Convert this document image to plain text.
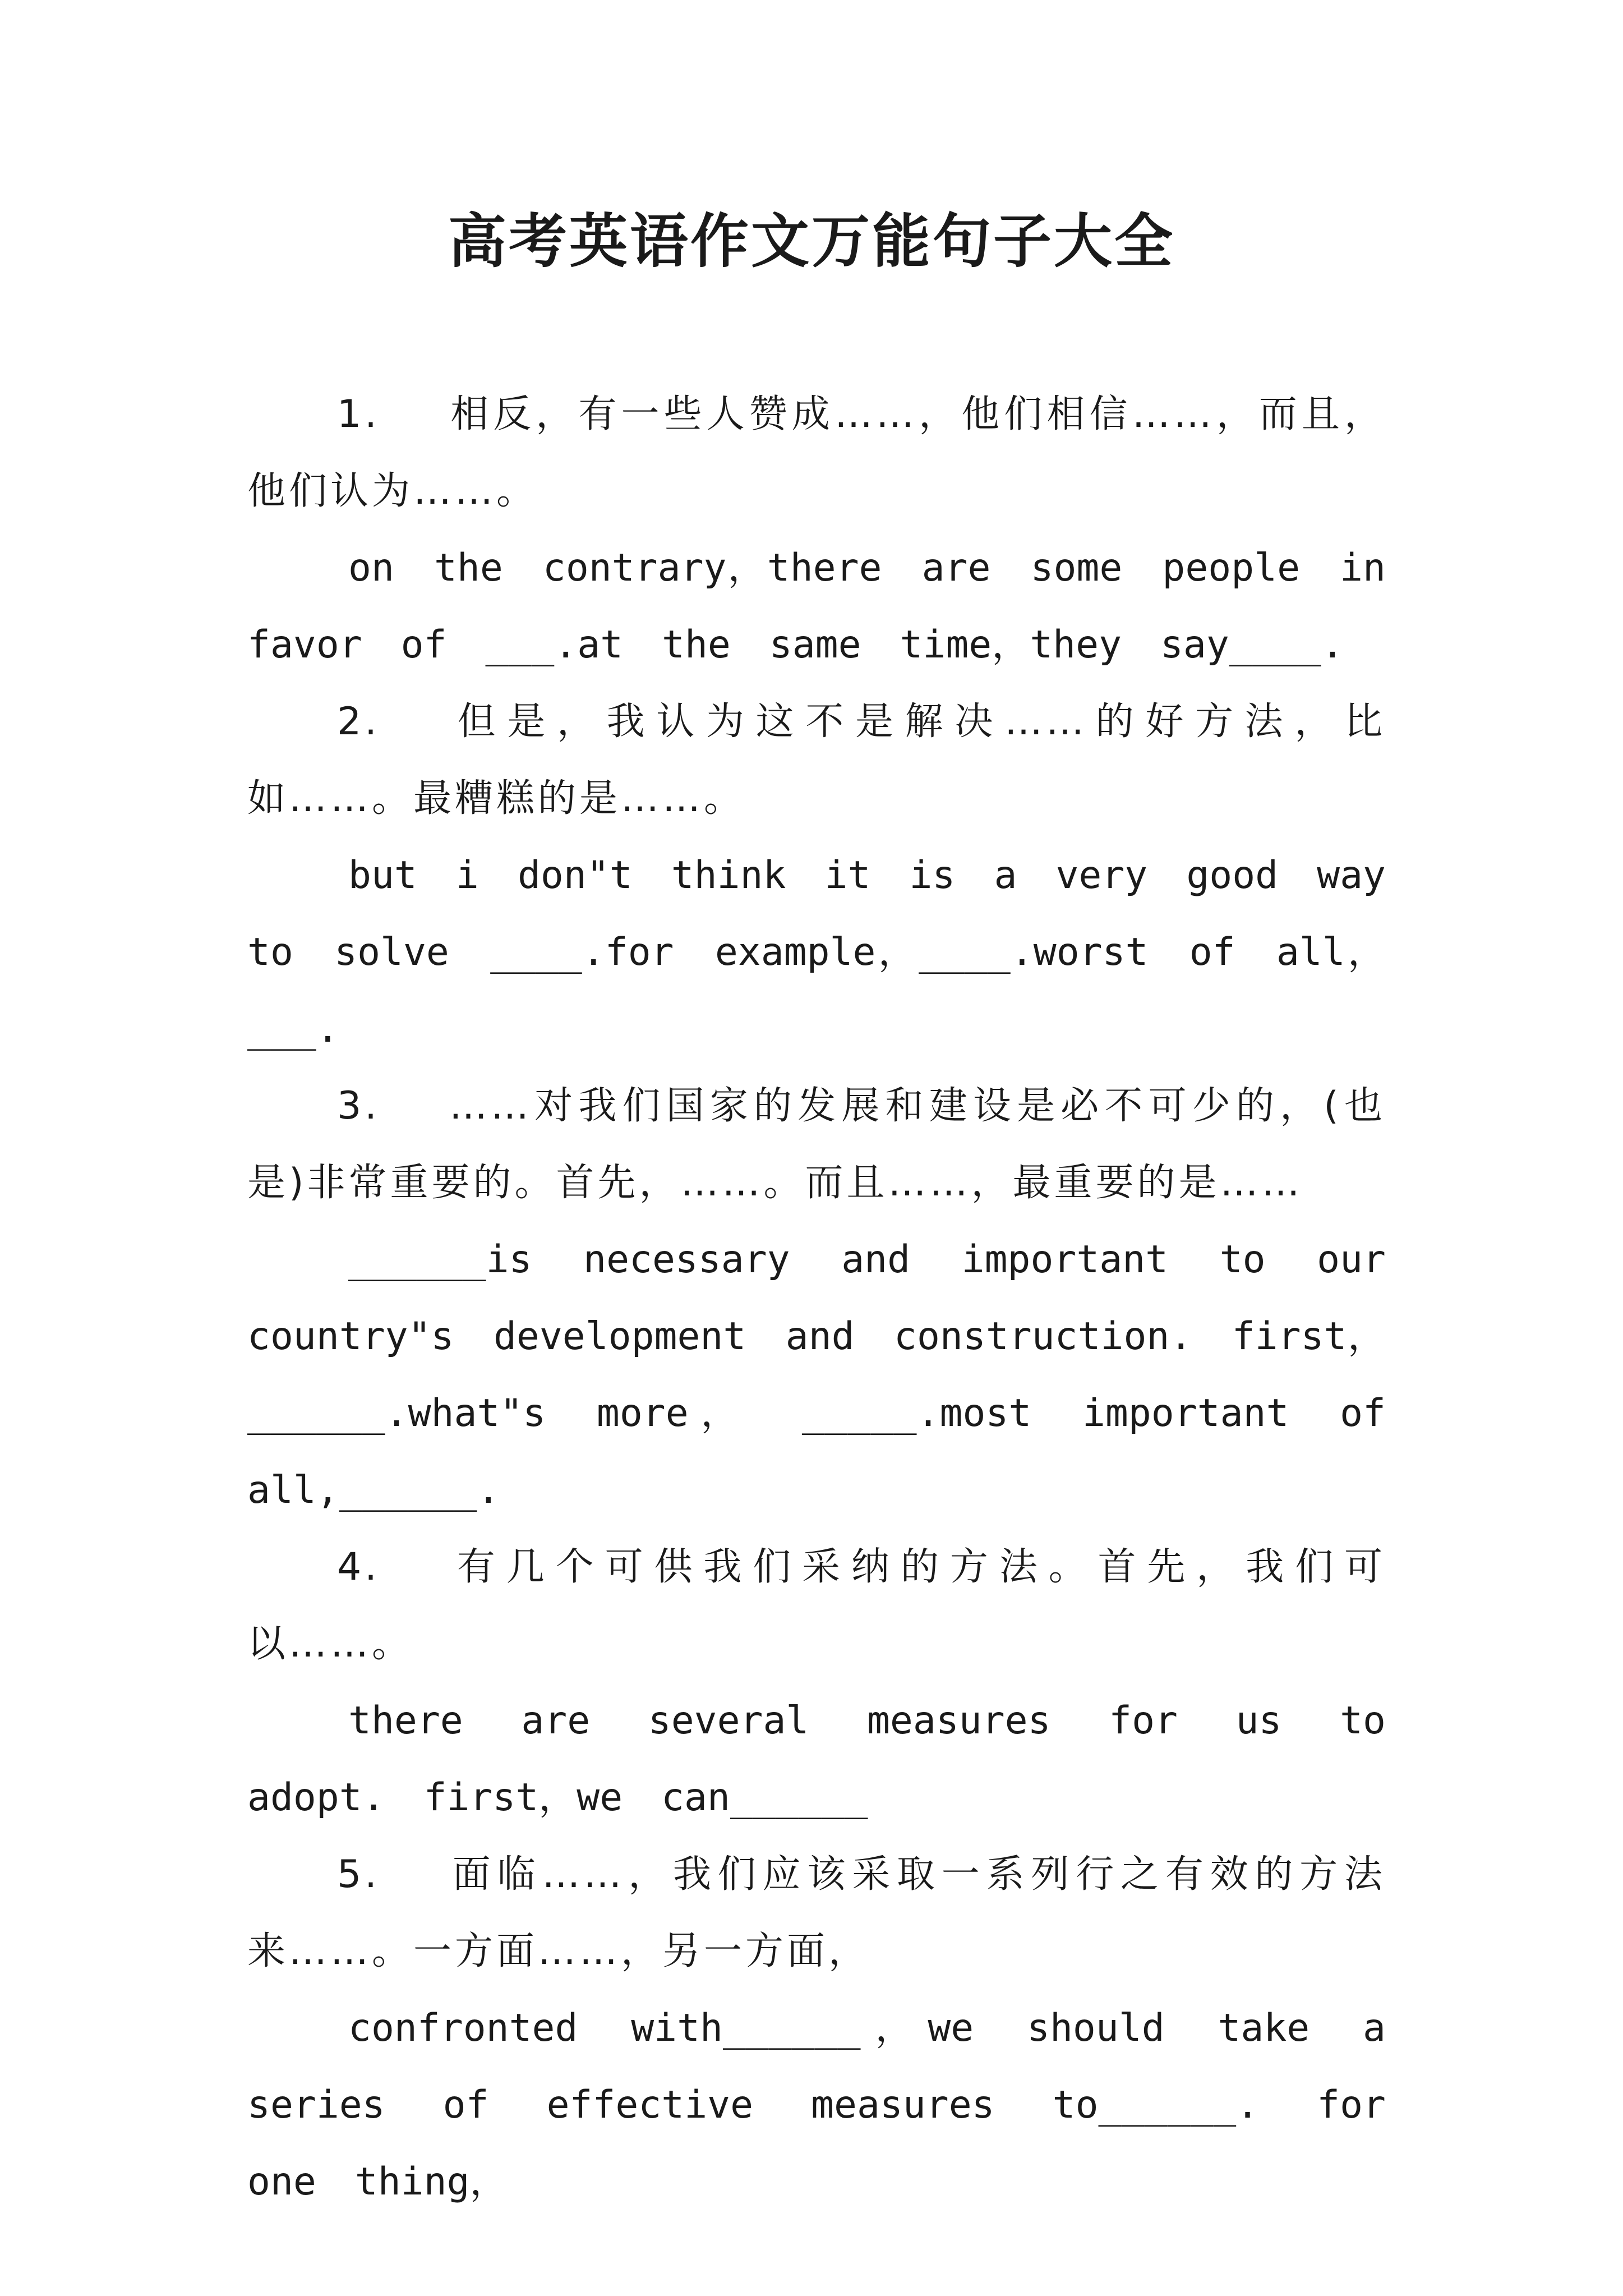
高考英语作文万能句子大全

1. 相反，有一些人赞成……，他们相信……，而且，他们认为……。

on the contrary，there are some people in favor of ___.at the same time，they say____.

2. 但是，我认为这不是解决……的好方法，比如……。最糟糕的是……。

but i don"t think it is a very good way to solve ____.for example，____.worst of all，___.

3. ……对我们国家的发展和建设是必不可少的，(也是)非常重要的。首先，……。而且……，最重要的是……

______is necessary and important to our country"s development and construction. first，______.what"s more， _____.most important of all,______.

4. 有几个可供我们采纳的方法。首先，我们可以……。

there are several measures for us to adopt. first，we can______

5. 面临……，我们应该采取一系列行之有效的方法来……。一方面……，另一方面，

confronted with______，we should take a series of effective measures to______. for one thing，
